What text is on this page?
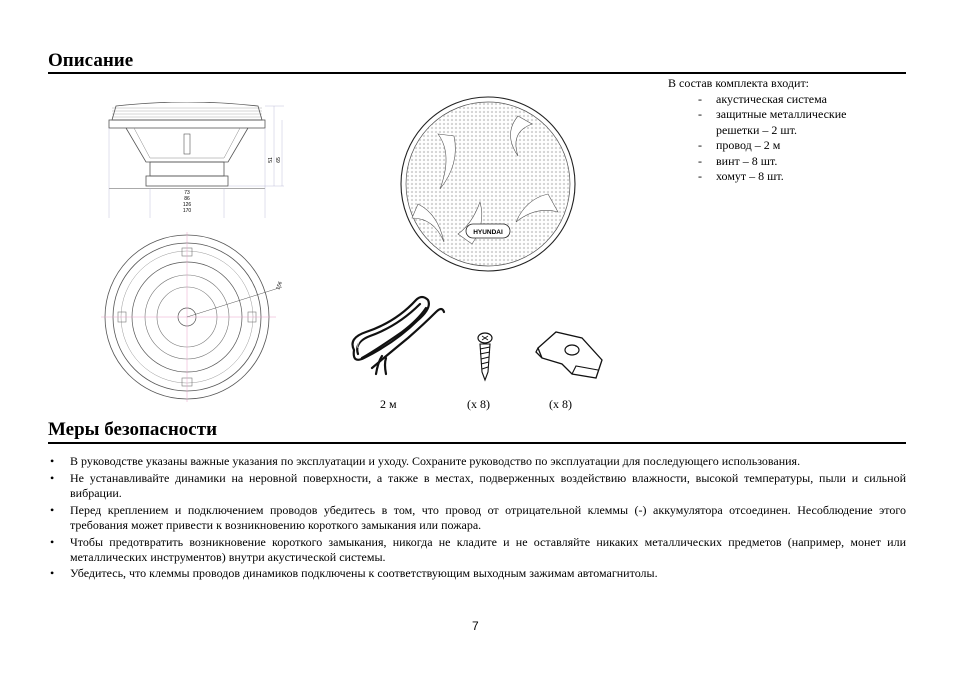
Описание
73
86
126
170
51 65
156
HYUNDAI
В состав комплекта входит:
- акустическая система
- защитные металлические решетки – 2 шт.
- провод – 2 м
- винт – 8 шт.
- хомут – 8 шт.
2 м	(х 8)	(х 8)
Меры безопасности
• В руководстве указаны важные указания по эксплуатации и уходу. Сохраните руководство по эксплуатации для последующего использования.
• Не устанавливайте динамики на неровной поверхности, а также в местах, подверженных воздействию влажности, высокой температуры, пыли и сильной вибрации.
• Перед креплением и подключением проводов убедитесь в том, что провод от отрицательной клеммы (-) аккумулятора отсоединен. Несоблюдение этого требования может привести к возникновению короткого замыкания или пожара.
• Чтобы предотвратить возникновение короткого замыкания, никогда не кладите и не оставляйте никаких металлических предметов (например, монет или металлических инструментов) внутри акустической системы.
• Убедитесь, что клеммы проводов динамиков подключены к соответствующим выходным зажимам автомагнитолы.
7
